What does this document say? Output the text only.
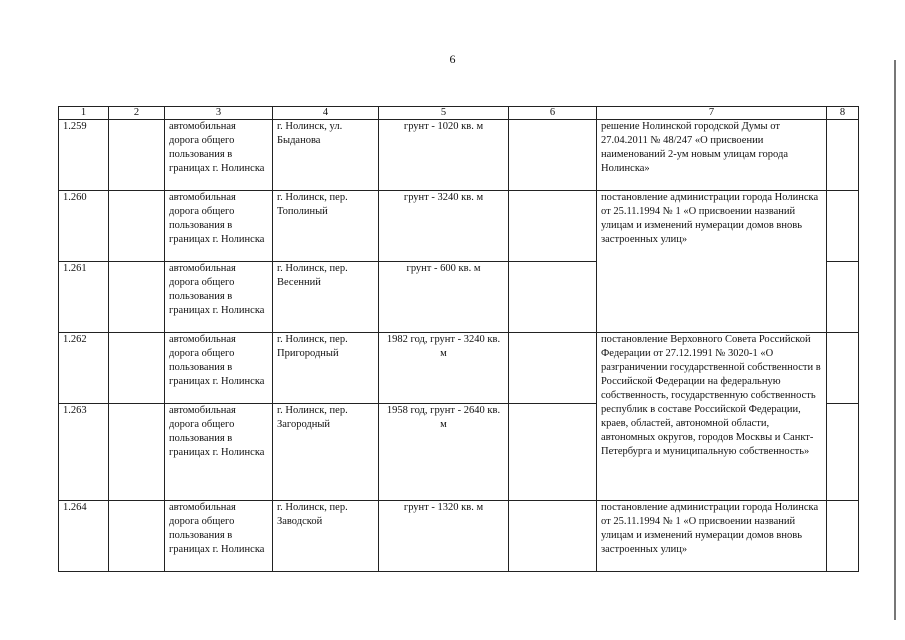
6
1	2	3	4	5	6	7	8
1.259		автомобильная дорога общего пользования в границах г. Нолинска	г. Нолинск, ул. Быданова	грунт - 1020 кв. м		решение Нолинской городской Думы от 27.04.2011 № 48/247 «О присвоении наименований 2-ум новым улицам города Нолинска»	
1.260		автомобильная дорога общего пользования в границах г. Нолинска	г. Нолинск, пер. Тополиный	грунт - 3240 кв. м		постановление администрации города Нолинска от 25.11.1994 № 1 «О присвоении названий улицам и изменений нумерации домов вновь застроенных улиц»	
1.261		автомобильная дорога общего пользования в границах г. Нолинска	г. Нолинск, пер. Весенний	грунт - 600 кв. м			
1.262		автомобильная дорога общего пользования в границах г. Нолинска	г. Нолинск, пер. Пригородный	1982 год, грунт - 3240 кв. м		постановление Верховного Совета Российской Федерации от 27.12.1991 № 3020-1 «О разграничении государственной собственности в Российской Федерации на федеральную собственность, государственную собственность республик в составе Российской Федерации, краев, областей, автономной области, автономных округов, городов Москвы и Санкт- Петербурга и муниципальную собственность»	
1.263		автомобильная дорога общего пользования в границах г. Нолинска	г. Нолинск, пер. Загородный	1958 год, грунт - 2640 кв. м			
1.264		автомобильная дорога общего пользования в границах г. Нолинска	г. Нолинск, пер. Заводской	грунт - 1320 кв. м		постановление администрации города Нолинска от 25.11.1994 № 1 «О присвоении названий улицам и изменений нумерации домов вновь застроенных улиц»	
